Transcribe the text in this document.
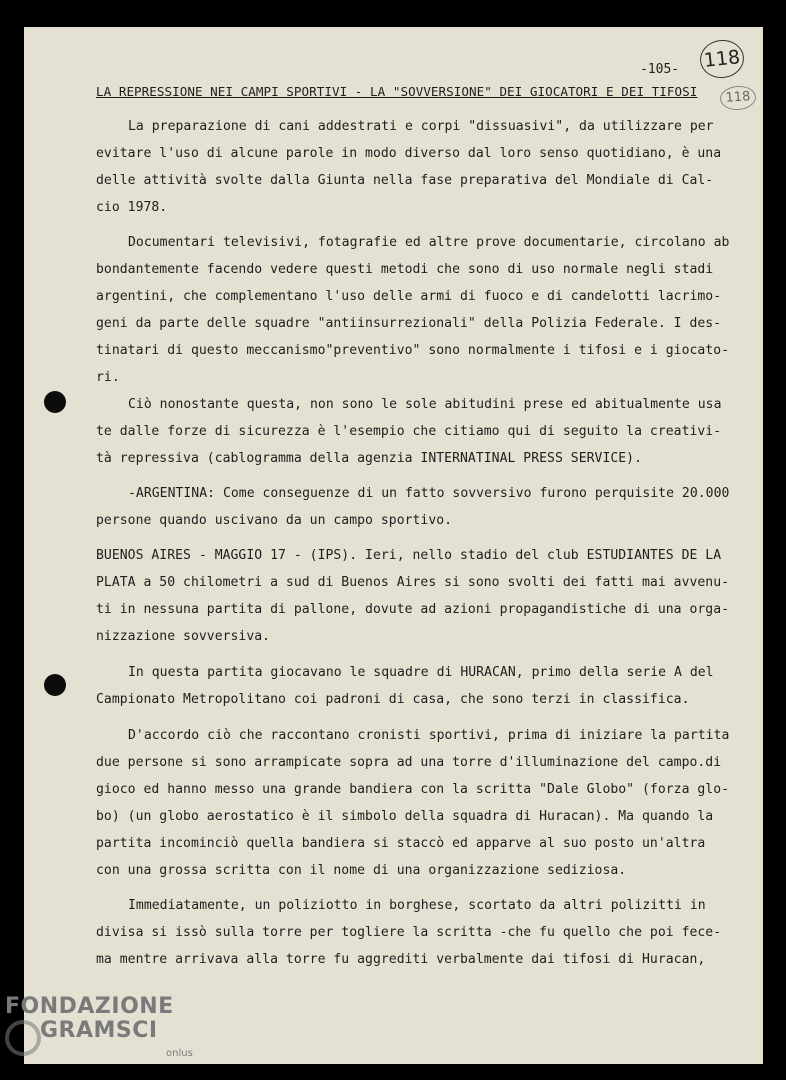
-105- 118
118
LA REPRESSIONE NEI CAMPI SPORTIVI - LA "SOVVERSIONE" DEI GIOCATORI E DEI TIFOSI
La preparazione di cani addestrati e corpi "dissuasivi", da utilizzare per
evitare l'uso di alcune parole in modo diverso dal loro senso quotidiano, è una
delle attività svolte dalla Giunta nella fase preparativa del Mondiale di Cal-
cio 1978.
Documentari televisivi, fotagrafie ed altre prove documentarie, circolano ab
bondantemente facendo vedere questi metodi che sono di uso normale negli stadi
argentini, che complementano l'uso delle armi di fuoco e di candelotti lacrimo-
geni da parte delle squadre "antiinsurrezionali" della Polizia Federale. I des-
tinatari di questo meccanismo"preventivo" sono normalmente i tifosi e i giocato-
ri.
Ciò nonostante questa, non sono le sole abitudini prese ed abitualmente usa
te dalle forze di sicurezza è l'esempio che citiamo qui di seguito la creativi-
tà repressiva (cablogramma della agenzia INTERNATINAL PRESS SERVICE).
-ARGENTINA: Come conseguenze di un fatto sovversivo furono perquisite 20.000
persone quando uscivano da un campo sportivo.
BUENOS AIRES - MAGGIO 17 - (IPS). Ieri, nello stadio del club ESTUDIANTES DE LA
PLATA a 50 chilometri a sud di Buenos Aires si sono svolti dei fatti mai avvenu-
ti in nessuna partita di pallone, dovute ad azioni propagandistiche di una orga-
nizzazione sovversiva.
In questa partita giocavano le squadre di HURACAN, primo della serie A del
Campionato Metropolitano coi padroni di casa, che sono terzi in classifica.
D'accordo ciò che raccontano cronisti sportivi, prima di iniziare la partita
due persone si sono arrampicate sopra ad una torre d'illuminazione del campo.di
gioco ed hanno messo una grande bandiera con la scritta "Dale Globo" (forza glo-
bo) (un globo aerostatico è il simbolo della squadra di Huracan). Ma quando la
partita incominciò quella bandiera si staccò ed apparve al suo posto un'altra
con una grossa scritta con il nome di una organizzazione sediziosa.
Immediatamente, un poliziotto in borghese, scortato da altri polizitti in
divisa si issò sulla torre per togliere la scritta -che fu quello che poi fece-
ma mentre arrivava alla torre fu aggrediti verbalmente dai tifosi di Huracan,
FONDAZIONE
GRAMSCI
onlus
